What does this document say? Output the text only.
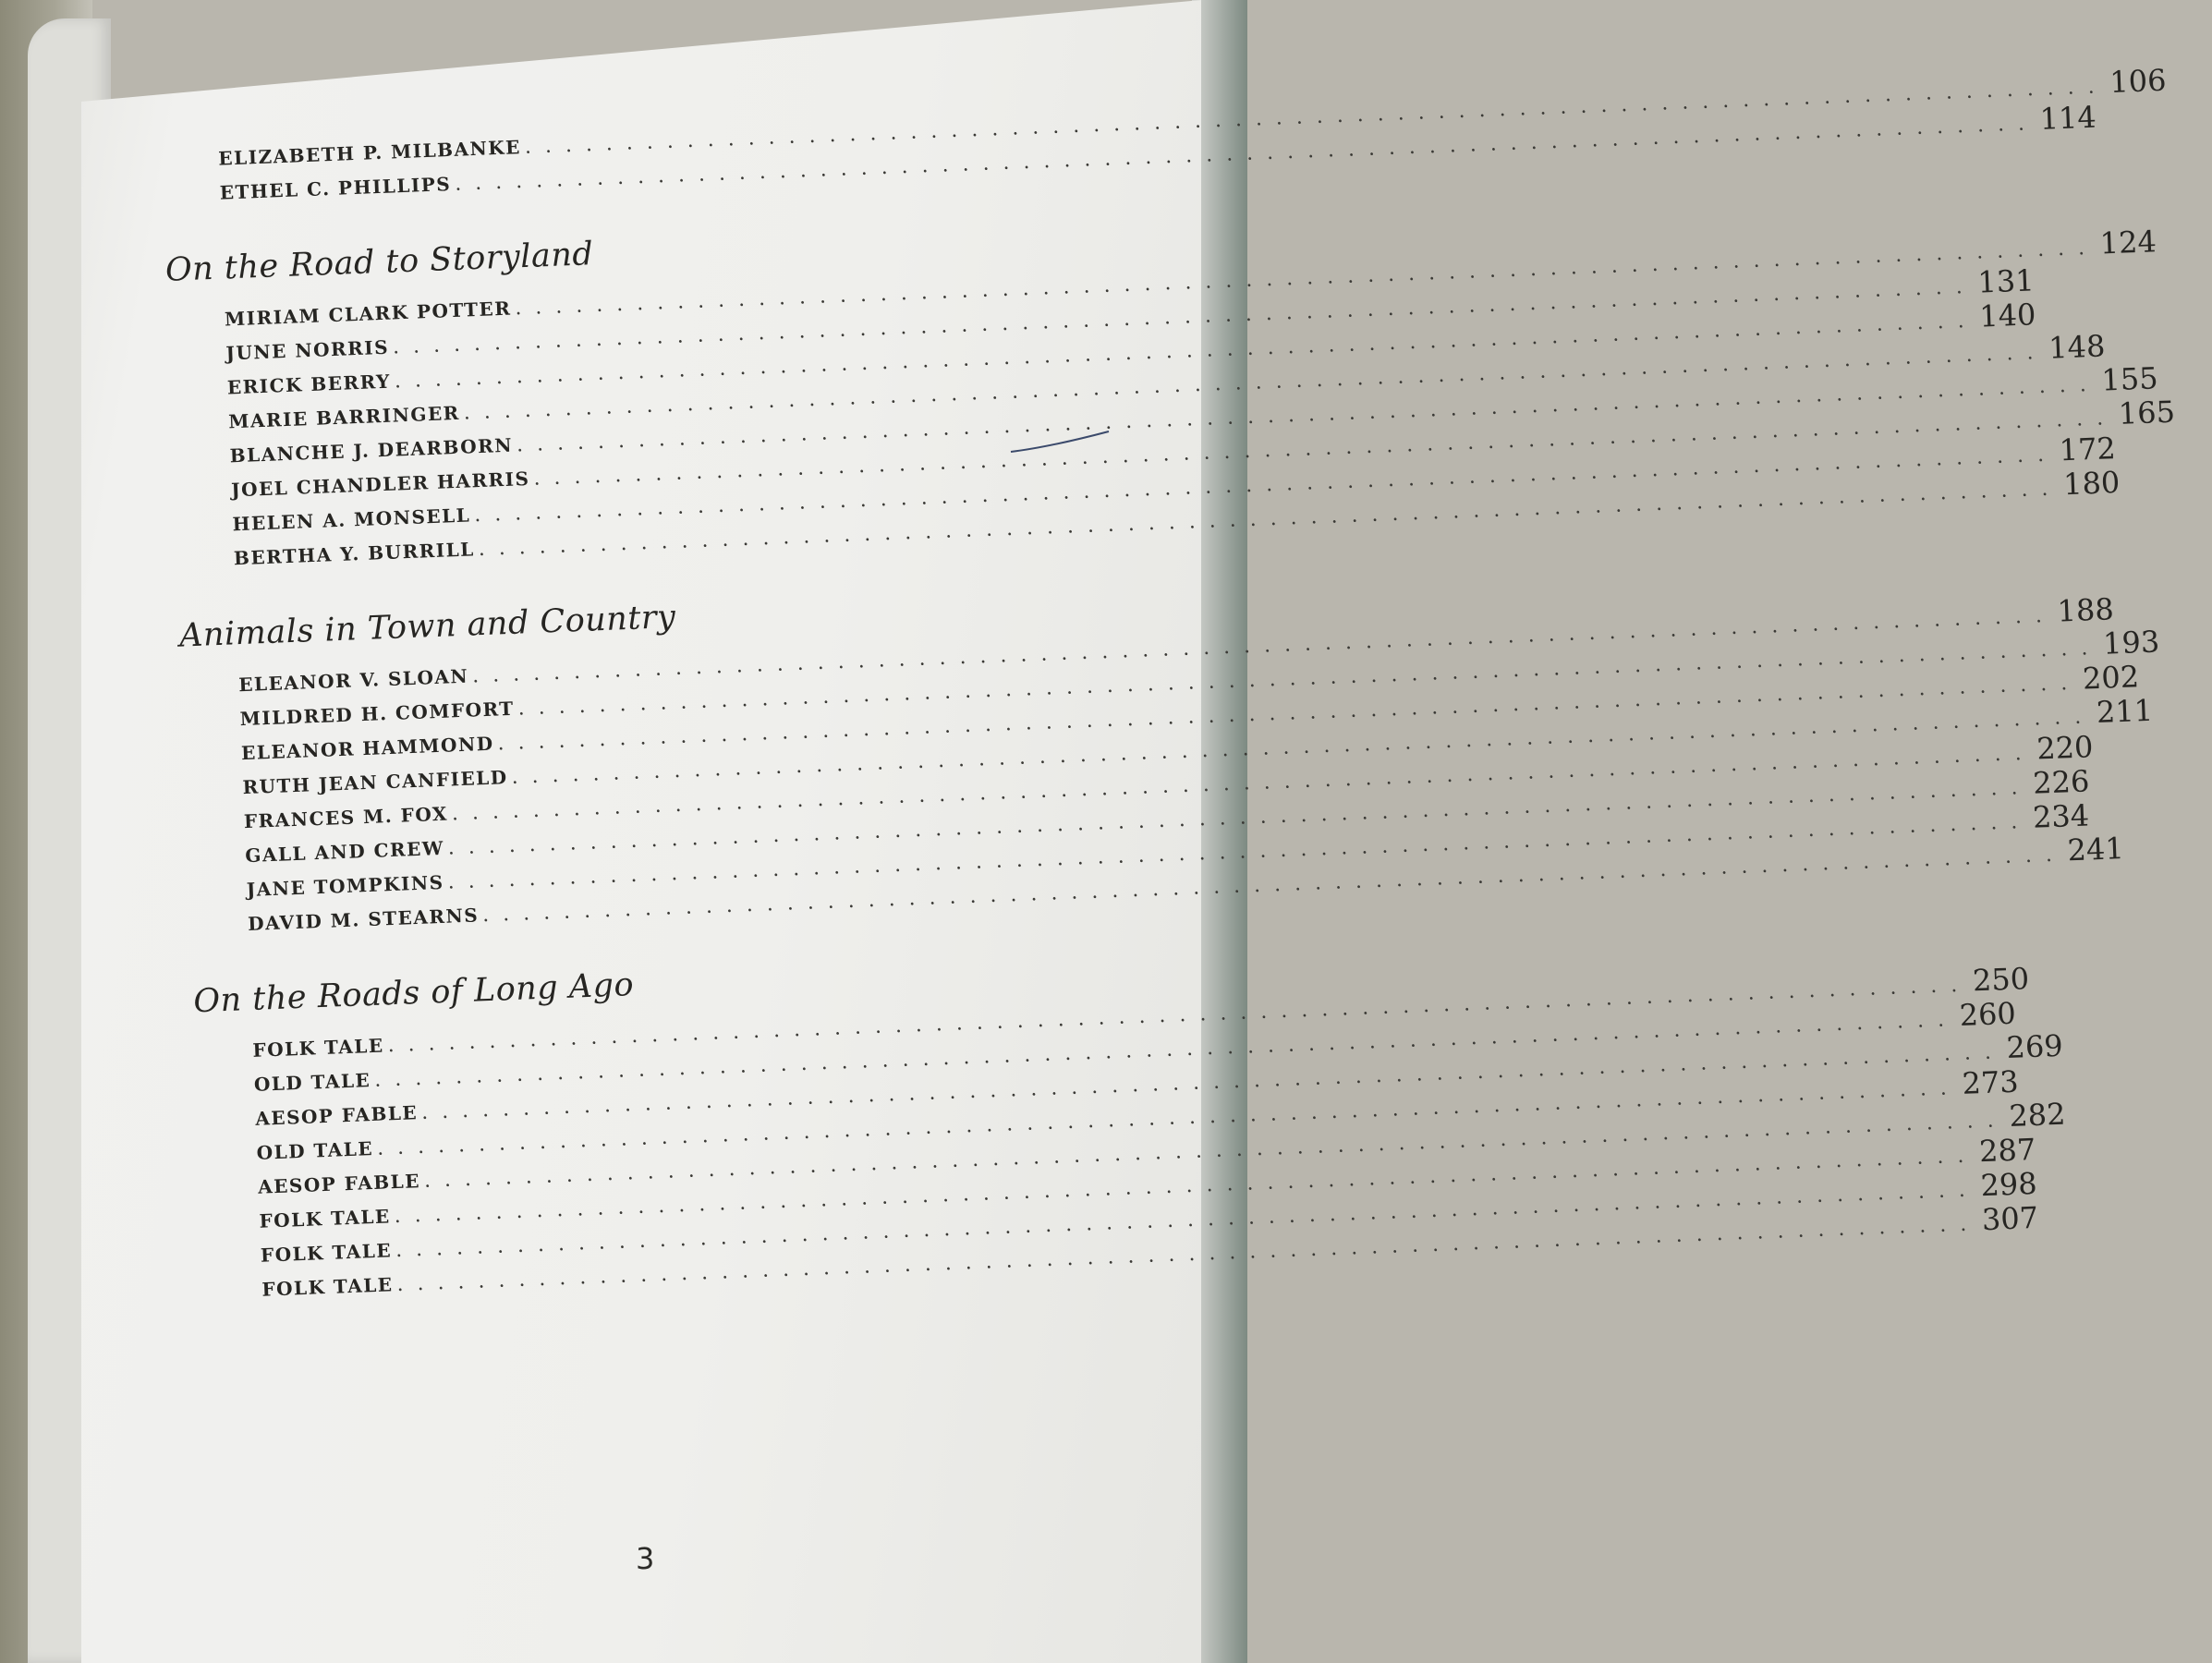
ELIZABETH P. MILBANKE
. . .
106
ETHEL C. PHILLIPS
. . .
114
On the Road to Storyland
MIRIAM CLARK POTTER
. . .
124
JUNE NORRIS
. . .
131
ERICK BERRY
. . .
140
MARIE BARRINGER
. . .
148
BLANCHE J. DEARBORN
. . .
155
JOEL CHANDLER HARRIS
. . .
165
HELEN A. MONSELL
. . .
172
BERTHA Y. BURRILL
. . .
180
Animals in Town and Country
ELEANOR V. SLOAN
. . .
188
MILDRED H. COMFORT
. . .
193
ELEANOR HAMMOND
. . .
202
RUTH JEAN CANFIELD
. . .
211
FRANCES M. FOX
. . .
220
GALL AND CREW
. . .
226
JANE TOMPKINS
. . .
234
DAVID M. STEARNS
. . .
241
On the Roads of Long Ago
FOLK TALE
. . .
250
OLD TALE
. . .
260
AESOP FABLE
. . .
269
OLD TALE
. . .
273
AESOP FABLE
. . .
282
FOLK TALE
. . .
287
FOLK TALE
. . .
298
FOLK TALE
. . .
307
3
